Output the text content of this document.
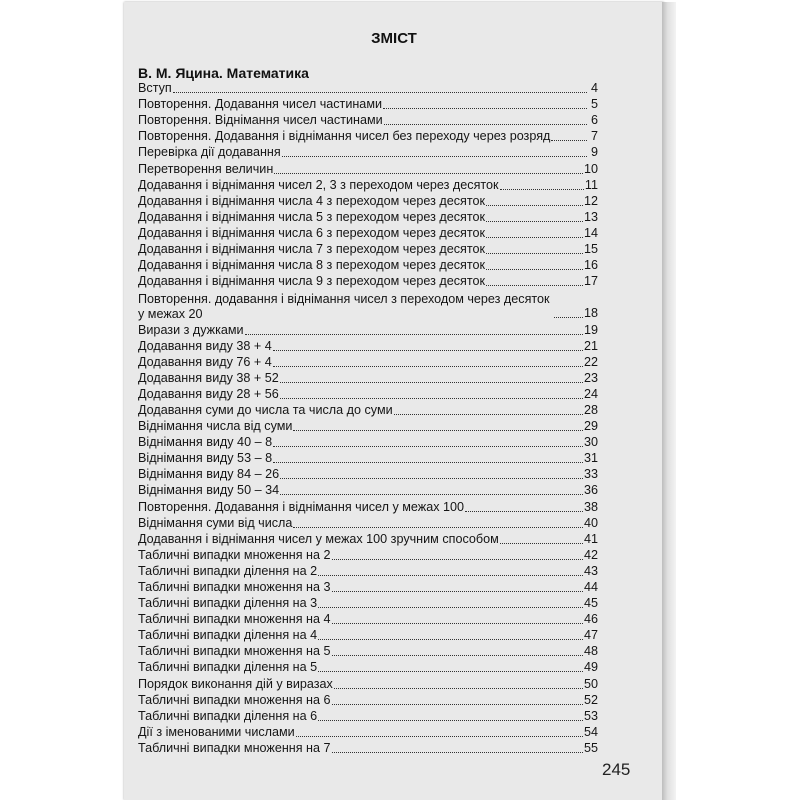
ЗМІСТ
В. М. Яцина. Математика
Вступ	4
Повторення. Додавання чисел частинами	5
Повторення. Віднімання чисел частинами	6
Повторення. Додавання і віднімання чисел без переходу через розряд	7
Перевірка дії додавання	9
Перетворення величин	10
Додавання і віднімання чисел 2, 3 з переходом через десяток	11
Додавання і віднімання числа 4 з переходом через десяток	12
Додавання і віднімання числа 5 з переходом через десяток	13
Додавання і віднімання числа 6 з переходом через десяток	14
Додавання і віднімання числа 7 з переходом через десяток	15
Додавання і віднімання числа 8 з переходом через десяток	16
Додавання і віднімання числа 9 з переходом через десяток	17
Повторення. додавання і віднімання чисел з переходом через десяток у межах 20	18
Вирази з дужками	19
Додавання виду 38 + 4	21
Додавання виду 76 + 4	22
Додавання виду 38 + 52	23
Додавання виду 28 + 56	24
Додавання суми до числа та числа до суми	28
Віднімання числа від суми	29
Віднімання виду 40 – 8	30
Віднімання виду 53 – 8	31
Віднімання виду 84 – 26	33
Віднімання виду 50 – 34	36
Повторення. Додавання і віднімання чисел у межах 100	38
Віднімання суми від числа	40
Додавання і віднімання чисел у межах 100 зручним способом	41
Табличні випадки множення на 2	42
Табличні випадки ділення на 2	43
Табличні випадки множення на 3	44
Табличні випадки ділення на 3	45
Табличні випадки множення на 4	46
Табличні випадки ділення на 4	47
Табличні випадки множення на 5	48
Табличні випадки ділення на 5	49
Порядок виконання дій у виразах	50
Табличні випадки множення на 6	52
Табличні випадки ділення на 6	53
Дії з іменованими числами	54
Табличні випадки множення на 7	55
245
